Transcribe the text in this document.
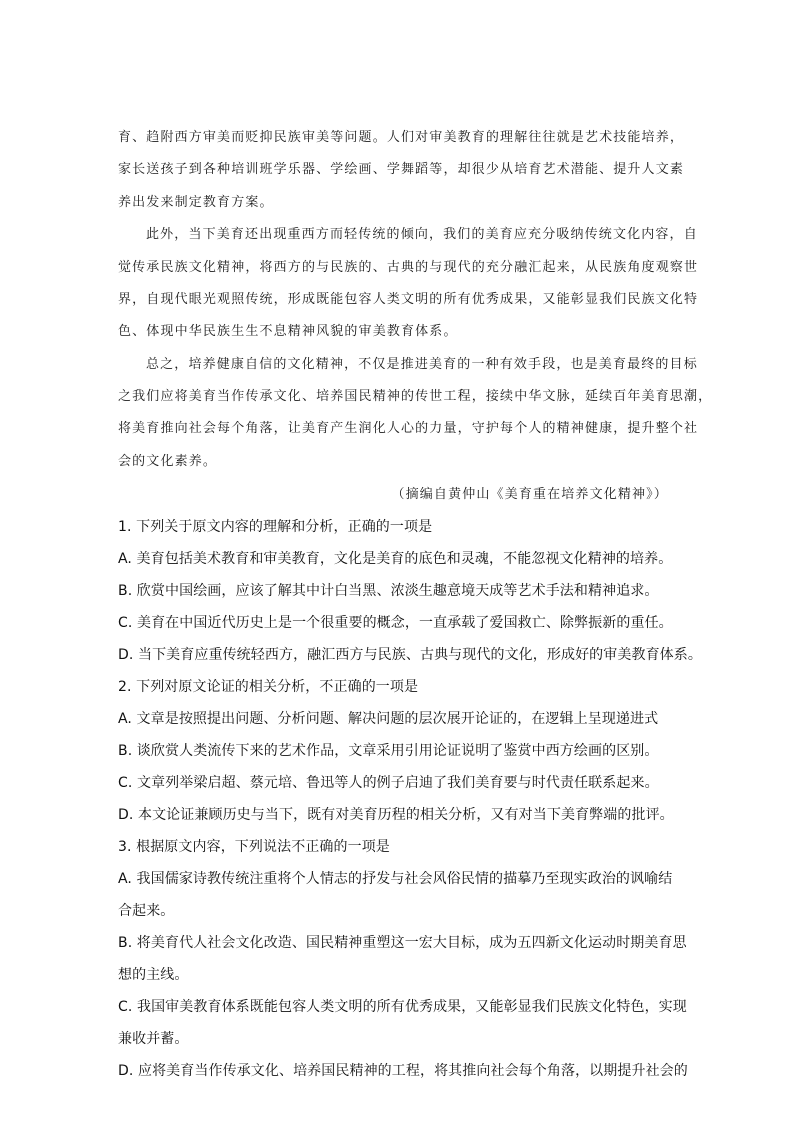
育、趋附西方审美而贬抑民族审美等问题。人们对审美教育的理解往往就是艺术技能培养，
家长送孩子到各种培训班学乐器、学绘画、学舞蹈等，却很少从培育艺术潜能、提升人文素
养出发来制定教育方案。
此外，当下美育还出现重西方而轻传统的倾向，我们的美育应充分吸纳传统文化内容，自
觉传承民族文化精神，将西方的与民族的、古典的与现代的充分融汇起来，从民族角度观察世
界，自现代眼光观照传统，形成既能包容人类文明的所有优秀成果，又能彰显我们民族文化特
色、体现中华民族生生不息精神风貌的审美教育体系。
总之，培养健康自信的文化精神，不仅是推进美育的一种有效手段，也是美育最终的目标
之我们应将美育当作传承文化、培养国民精神的传世工程，接续中华文脉，延续百年美育思潮，
将美育推向社会每个角落，让美育产生润化人心的力量，守护每个人的精神健康，提升整个社
会的文化素养。
（摘编自黄仲山《美育重在培养文化精神》）
1. 下列关于原文内容的理解和分析，正确的一项是
A. 美育包括美术教育和审美教育，文化是美育的底色和灵魂，不能忽视文化精神的培养。
B. 欣赏中国绘画，应该了解其中计白当黑、浓淡生趣意境天成等艺术手法和精神追求。
C. 美育在中国近代历史上是一个很重要的概念，一直承载了爱国救亡、除弊振新的重任。
D. 当下美育应重传统轻西方，融汇西方与民族、古典与现代的文化，形成好的审美教育体系。
2. 下列对原文论证的相关分析，不正确的一项是
A. 文章是按照提出问题、分析问题、解决问题的层次展开论证的，在逻辑上呈现递进式
B. 谈欣赏人类流传下来的艺术作品，文章采用引用论证说明了鉴赏中西方绘画的区别。
C. 文章列举梁启超、蔡元培、鲁迅等人的例子启迪了我们美育要与时代责任联系起来。
D. 本文论证兼顾历史与当下，既有对美育历程的相关分析，又有对当下美育弊端的批评。
3. 根据原文内容，下列说法不正确的一项是
A. 我国儒家诗教传统注重将个人情志的抒发与社会风俗民情的描摹乃至现实政治的讽喻结
合起来。
B. 将美育代人社会文化改造、国民精神重塑这一宏大目标，成为五四新文化运动时期美育思
想的主线。
C. 我国审美教育体系既能包容人类文明的所有优秀成果，又能彰显我们民族文化特色，实现
兼收并蓄。
D. 应将美育当作传承文化、培养国民精神的工程，将其推向社会每个角落，以期提升社会的
